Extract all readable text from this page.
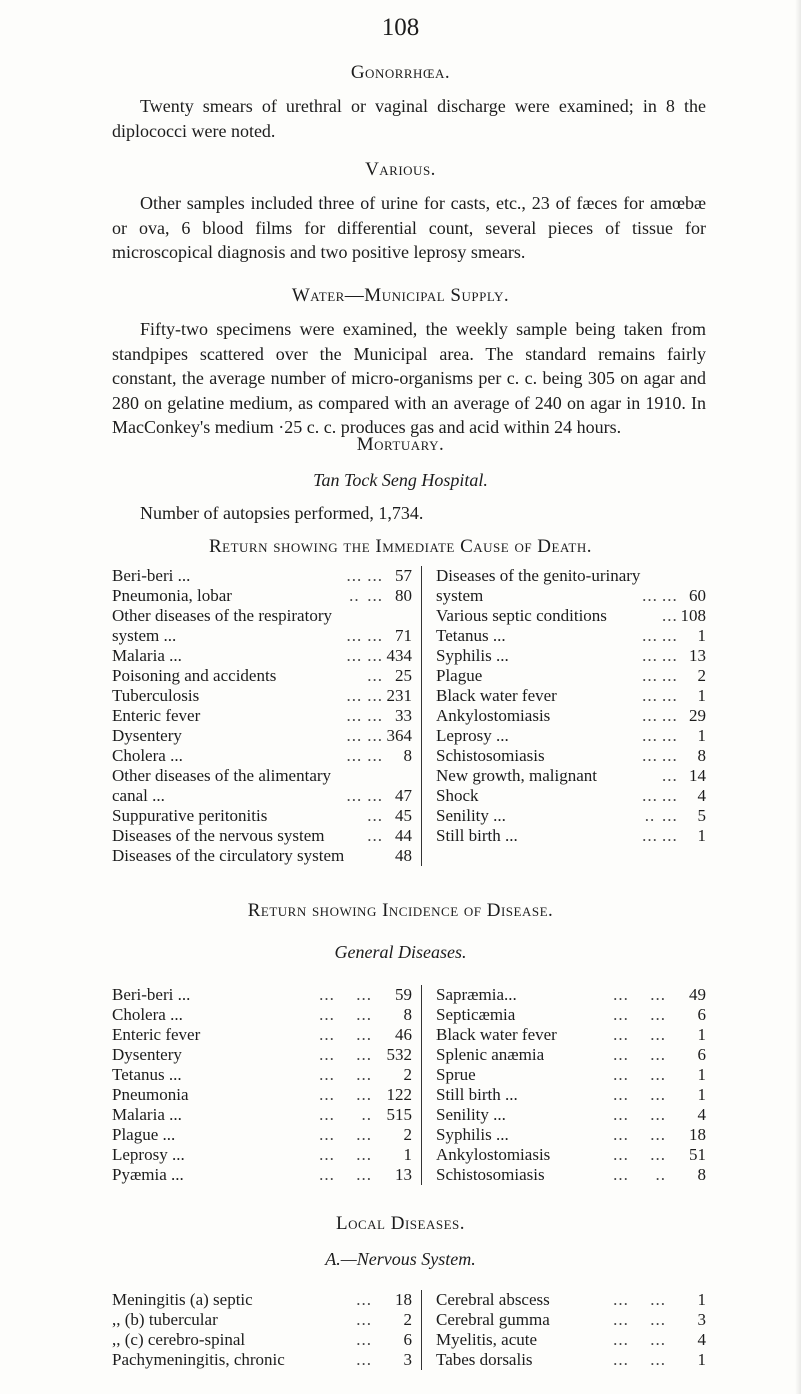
108
Gonorrhœa.
Twenty smears of urethral or vaginal discharge were examined; in 8 the diplococci were noted.
Various.
Other samples included three of urine for casts, etc., 23 of fæces for amœbæ or ova, 6 blood films for differential count, several pieces of tissue for microscopical diagnosis and two positive leprosy smears.
Water—Municipal Supply.
Fifty-two specimens were examined, the weekly sample being taken from standpipes scattered over the Municipal area. The standard remains fairly constant, the average number of micro-organisms per c. c. being 305 on agar and 280 on gelatine medium, as compared with an average of 240 on agar in 1910. In MacConkey's medium ·25 c. c. produces gas and acid within 24 hours.
Mortuary.
Tan Tock Seng Hospital.
Number of autopsies performed, 1,734.
Return showing the Immediate Cause of Death.
Beri-beri ...	...	...	57
Pneumonia, lobar	..	...	80
Other diseases of the respiratory			
system ...	...	...	71
Malaria ...	...	...	434
Poisoning and accidents		...	25
Tuberculosis	...	...	231
Enteric fever	...	...	33
Dysentery	...	...	364
Cholera ...	...	...	8
Other diseases of the alimentary			
canal ...	...	...	47
Suppurative peritonitis		...	45
Diseases of the nervous system		...	44
Diseases of the circulatory system			48
Diseases of the genito-urinary			
system	...	...	60
Various septic conditions		...	108
Tetanus ...	...	...	1
Syphilis ...	...	...	13
Plague	...	...	2
Black water fever	...	...	1
Ankylostomiasis	...	...	29
Leprosy ...	...	...	1
Schistosomiasis	...	...	8
New growth, malignant		...	14
Shock	...	...	4
Senility ...	..	...	5
Still birth ...	...	...	1
Return showing Incidence of Disease.
General Diseases.
Beri-beri ...	...	...	59
Cholera ...	...	...	8
Enteric fever	...	...	46
Dysentery	...	...	532
Tetanus ...	...	...	2
Pneumonia	...	...	122
Malaria ...	...	..	515
Plague ...	...	...	2
Leprosy ...	...	...	1
Pyæmia ...	...	...	13
Sapræmia...	...	...	49
Septicæmia	...	...	6
Black water fever	...	...	1
Splenic anæmia	...	...	6
Sprue	...	...	1
Still birth ...	...	...	1
Senility ...	...	...	4
Syphilis ...	...	...	18
Ankylostomiasis	...	...	51
Schistosomiasis	...	..	8
Local Diseases.
A.—Nervous System.
Meningitis (a) septic		...	18
,, (b) tubercular		...	2
,, (c) cerebro-spinal		...	6
Pachymeningitis, chronic		...	3
Cerebral abscess	...	...	1
Cerebral gumma	...	...	3
Myelitis, acute	...	...	4
Tabes dorsalis	...	...	1
